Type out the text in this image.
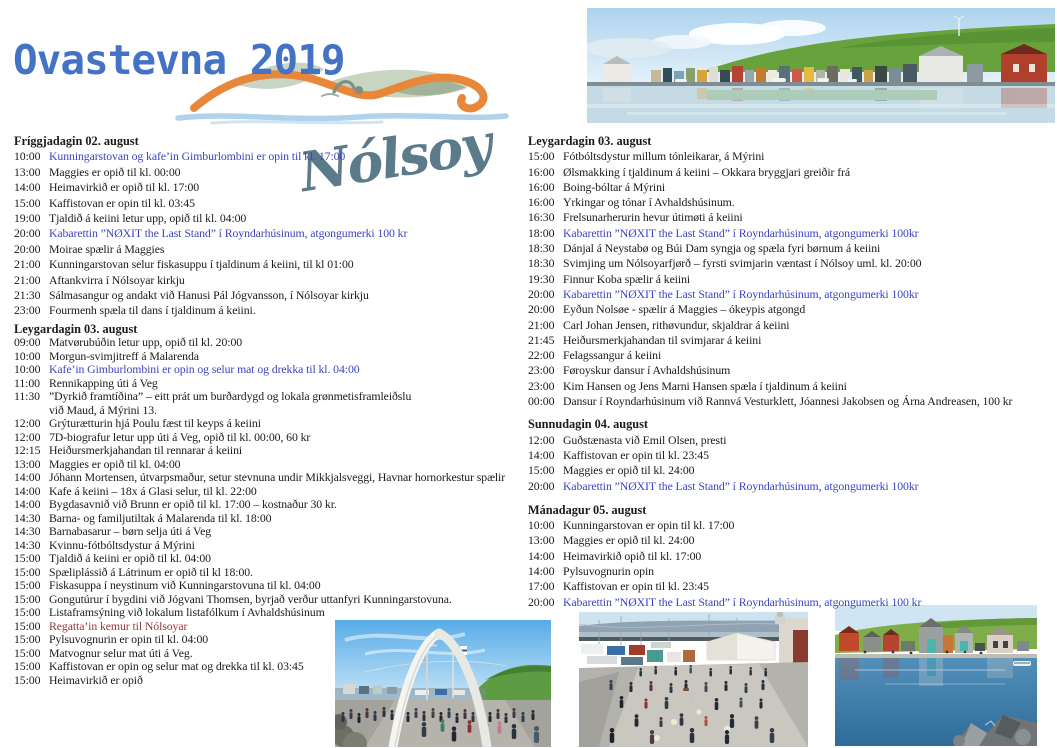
Ovastevna 2019
Nólsoy
Fríggjadagin 02. august
10:00 Kunningarstovan og kafe’in Gimburlombini er opin til kl. 17:00
13:00 Maggies er opið til kl. 00:00
14:00 Heimavirkið er opið til kl. 17:00
15:00 Kaffistovan er opin til kl. 03:45
19:00 Tjaldið á keiini letur upp, opið til kl. 04:00
20:00 Kabarettin ”NØXIT the Last Stand” í Royndarhúsinum, atgongumerki 100 kr
20:00 Moirae spælir á Maggies
21:00 Kunningarstovan selur fiskasuppu í tjaldinum á keiini, til kl 01:00
21:00 Aftankvirra í Nólsoyar kirkju
21:30 Sálmasangur og andakt við Hanusi Pál Jógvansson, í Nólsoyar kirkju
23:00 Fourmenh spæla til dans í tjaldinum á keiini.
Leygardagin 03. august
09:00 Matvørubúðin letur upp, opið til kl. 20:00
10:00 Morgun-svimjitreff á Malarenda
10:00 Kafe’in Gimburlombini er opin og selur mat og drekka til kl. 04:00
11:00 Rennikapping úti á Veg
11:30 ”Dyrkið framtíðina” – eitt prát um burðardygd og lokala grønmetisframleiðslu
við Maud, á Mýrini 13.
12:00 Grýturætturin hjá Poulu fæst til keyps á keiini
12:00 7D-biografur letur upp úti á Veg, opið til kl. 00:00, 60 kr
12:15 Heiðursmerkjahandan til rennarar á keiini
13:00 Maggies er opið til kl. 04:00
14:00 Jóhann Mortensen, útvarpsmaður, setur stevnuna undir Mikkjalsveggi, Havnar hornorkestur spælir
14:00 Kafe á keiini – 18x á Glasi selur, til kl. 22:00
14:00 Bygdasavnið við Brunn er opið til kl. 17:00 – kostnaður 30 kr.
14:30 Barna- og familjutiltak á Malarenda til kl. 18:00
14:30 Barnabasarur – børn selja úti á Veg
14:30 Kvinnu-fótbóltsdystur á Mýrini
15:00 Tjaldið á keiini er opið til kl. 04:00
15:00 Spæliplássið á Látrinum er opið til kl 18:00.
15:00 Fiskasuppa í neystinum við Kunningarstovuna til kl. 04:00
15:00 Gongutúrur í bygdini við Jógvani Thomsen, byrjað verður uttanfyri Kunningarstovuna.
15:00 Listaframsýning við lokalum listafólkum í Avhaldshúsinum
15:00 Regatta’in kemur til Nólsoyar
15:00 Pylsuvognurin er opin til kl. 04:00
15:00 Matvognur selur mat úti á Veg.
15:00 Kaffistovan er opin og selur mat og drekka til kl. 03:45
15:00 Heimavirkið er opið
Leygardagin 03. august
15:00 Fótbóltsdystur millum tónleikarar, á Mýrini
16:00 Ølsmakking í tjaldinum á keiini – Okkara bryggjari greiðir frá
16:00 Boing-bóltar á Mýrini
16:00 Yrkingar og tónar í Avhaldshúsinum.
16:30 Frelsunarherurin hevur útimøti á keiini
18:00 Kabarettin ”NØXIT the Last Stand” í Royndarhúsinum, atgongumerki 100kr
18:30 Dánjal á Neystabø og Búi Dam syngja og spæla fyri børnum á keiini
18:30 Svimjing um Nólsoyarfjørð – fyrsti svimjarin væntast í Nólsoy uml. kl. 20:00
19:30 Finnur Koba spælir á keiini
20:00 Kabarettin ”NØXIT the Last Stand” í Royndarhúsinum, atgongumerki 100kr
20:00 Eyðun Nolsøe - spælir á Maggies – ókeypis atgongd
21:00 Carl Johan Jensen, rithøvundur, skjaldrar á keiini
21:45 Heiðursmerkjahandan til svimjarar á keiini
22:00 Felagssangur á keiini
23:00 Føroyskur dansur í Avhaldshúsinum
23:00 Kim Hansen og Jens Marni Hansen spæla í tjaldinum á keiini
00:00 Dansur í Royndarhúsinum við Rannvá Vesturklett, Jóannesi Jakobsen og Árna Andreasen, 100 kr
Sunnudagin 04. august
12:00 Guðstænasta við Emil Olsen, presti
14:00 Kaffistovan er opin til kl. 23:45
15:00 Maggies er opið til kl. 24:00
20:00 Kabarettin ”NØXIT the Last Stand” í Royndarhúsinum, atgongumerki 100kr
Mánadagur 05. august
10:00 Kunningarstovan er opin til kl. 17:00
13:00 Maggies er opið til kl. 24:00
14:00 Heimavirkið opið til kl. 17:00
14:00 Pylsuvognurin opin
17:00 Kaffistovan er opin til kl. 23:45
20:00 Kabarettin ”NØXIT the Last Stand” í Royndarhúsinum, atgongumerki 100 kr
